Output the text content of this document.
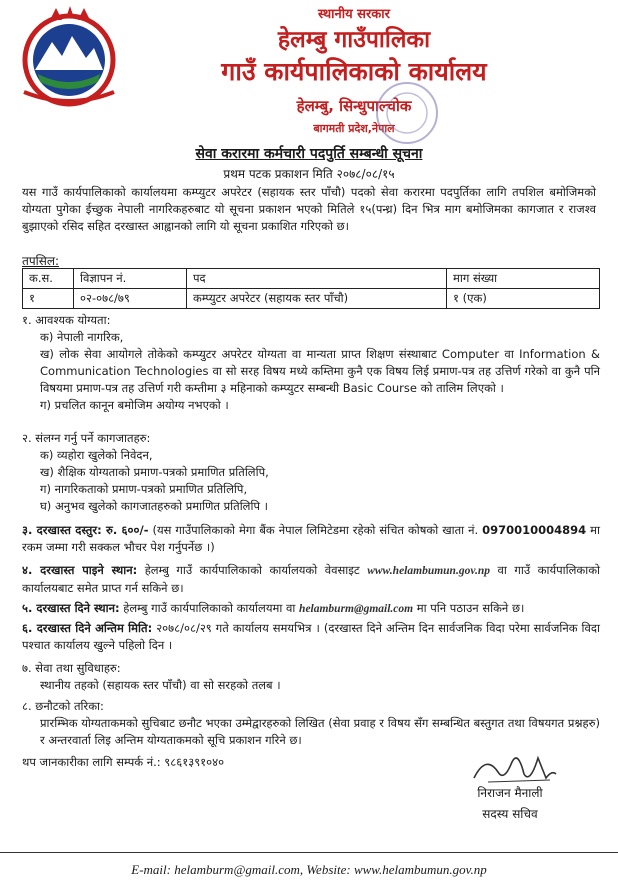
स्थानीय सरकार
हेलम्बु गाउँपालिका
गाउँ कार्यपालिकाको कार्यालय
हेलम्बु, सिन्धुपाल्चोक
बागमती प्रदेश,नेपाल
सेवा करारमा कर्मचारी पदपुर्ति सम्बन्धी सूचना
प्रथम पटक प्रकाशन मिति २०७८/०८/१५
यस गाउँ कार्यपालिकाको कार्यालयमा कम्प्युटर अपरेटर (सहायक स्तर पाँचौ) पदको सेवा करारमा पदपुर्तिका लागि तपशिल बमोजिमको योग्यता पुगेका ईच्छुक नेपाली नागरिकहरुबाट यो सूचना प्रकाशन भएको मितिले १५(पन्ध्र) दिन भित्र माग बमोजिमका कागजात र राजश्व बुझाएको रसिद सहित दरखास्त आह्वानको लागि यो सूचना प्रकाशित गरिएको छ।
तपसिल:
क.स.	विज्ञापन नं.	पद	माग संख्या
१	०२-०७८/७९	कम्प्युटर अपरेटर (सहायक स्तर पाँचौ)	१ (एक)
१. आवश्यक योग्यता:
क) नेपाली नागरिक,
ख) लोक सेवा आयोगले तोकेको कम्प्युटर अपरेटर योग्यता वा मान्यता प्राप्त शिक्षण संस्थाबाट Computer वा Information & Communication Technologies वा सो सरह विषय मध्ये कम्तिमा कुनै एक विषय लिई प्रमाण-पत्र तह उत्तिर्ण गरेको वा कुनै पनि विषयमा प्रमाण-पत्र तह उत्तिर्ण गरी कम्तीमा ३ महिनाको कम्प्युटर सम्बन्धी Basic Course को तालिम लिएको ।
ग) प्रचलित कानून बमोजिम अयोग्य नभएको ।
२. संलग्न गर्नु पर्ने कागजातहरु:
क) व्यहोरा खुलेको निवेदन,
ख) शैक्षिक योग्यताको प्रमाण-पत्रको प्रमाणित प्रतिलिपि,
ग) नागरिकताको प्रमाण-पत्रको प्रमाणित प्रतिलिपि,
घ) अनुभव खुलेको कागजातहरुको प्रमाणित प्रतिलिपि ।
३. दरखास्त दस्तुर: रु. ६००/- (यस गाउँपालिकाको मेगा बैंक नेपाल लिमिटेडमा रहेको संचित कोषको खाता नं. 0970010004894 मा रकम जम्मा गरी सक्कल भौचर पेश गर्नुपर्नेछ ।)
४. दरखास्त पाइने स्थान: हेलम्बु गाउँ कार्यपालिकाको कार्यालयको वेवसाइट www.helambumun.gov.np वा गाउँ कार्यपालिकाको कार्यालयबाट समेत प्राप्त गर्न सकिने छ।
५. दरखास्त दिने स्थान: हेलम्बु गाउँ कार्यपालिकाको कार्यालयमा वा helamburm@gmail.com मा पनि पठाउन सकिने छ।
६. दरखास्त दिने अन्तिम मिति: २०७८/०८/२९ गते कार्यालय समयभित्र । (दरखास्त दिने अन्तिम दिन सार्वजनिक विदा परेमा सार्वजनिक विदा पश्चात कार्यालय खुल्ने पहिलो दिन ।
७. सेवा तथा सुविधाहरु:
स्थानीय तहको (सहायक स्तर पाँचौ) वा सो सरहको तलब ।
८. छनौटको तरिका:
प्रारम्भिक योग्यताकमको सुचिबाट छनौट भएका उम्मेद्वारहरुको लिखित (सेवा प्रवाह र विषय सँग सम्बन्धित बस्तुगत तथा विषयगत प्रश्नहरु) र अन्तरवार्ता लिइ अन्तिम योग्यताकमको सूचि प्रकाशन गरिने छ।
थप जानकारीका लागि सम्पर्क नं.: ९८६१३९१०४०
निराजन मैनाली
सदस्य सचिव
E-mail: helamburm@gmail.com, Website: www.helambumun.gov.np
